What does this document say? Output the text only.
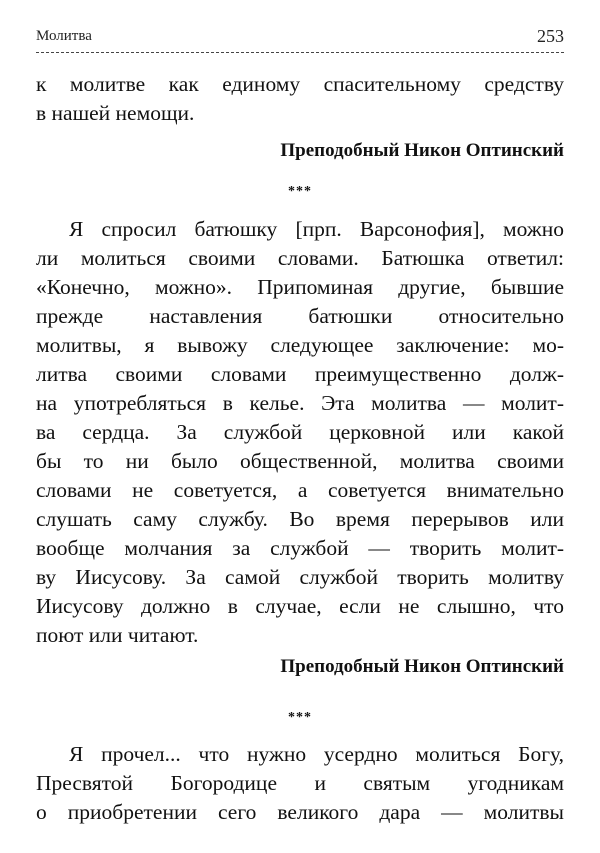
Молитва	253
к молитве как единому спасительному средству
в нашей немощи.
Преподобный Никон Оптинский
***
Я спросил батюшку [прп. Варсонофия], можно
ли молиться своими словами. Батюшка ответил:
«Конечно, можно». Припоминая другие, бывшие
прежде наставления батюшки относительно
молитвы, я вывожу следующее заключение: мо-
литва своими словами преимущественно долж-
на употребляться в келье. Эта молитва — молит-
ва сердца. За службой церковной или какой
бы то ни было общественной, молитва своими
словами не советуется, а советуется внимательно
слушать саму службу. Во время перерывов или
вообще молчания за службой — творить молит-
ву Иисусову. За самой службой творить молитву
Иисусову должно в случае, если не слышно, что
поют или читают.
Преподобный Никон Оптинский
***
Я прочел... что нужно усердно молиться Богу,
Пресвятой Богородице и святым угодникам
о приобретении сего великого дара — молитвы
